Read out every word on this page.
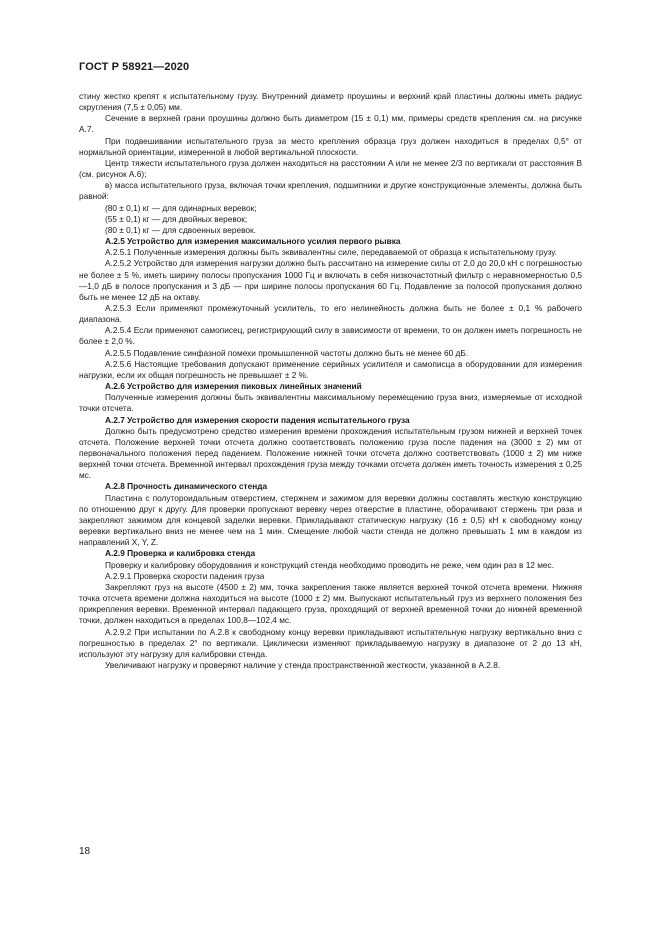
ГОСТ Р 58921—2020

стину жестко крепят к испытательному грузу. Внутренний диаметр проушины и верхний край пластины должны иметь радиус скругления (7,5 ± 0,05) мм.

Сечение в верхней грани проушины должно быть диаметром (15 ± 0,1) мм, примеры средств крепления см. на рисунке А.7.

При подвешивании испытательного груза за место крепления образца груз должен находиться в пределах 0,5° от нормальной ориентации, измеренной в любой вертикальной плоскости.

Центр тяжести испытательного груза должен находиться на расстоянии A или не менее 2/3 по вертикали от расстояния B (см. рисунок А.6);

в) масса испытательного груза, включая точки крепления, подшипники и другие конструкционные элементы, должна быть равной:

(80 ± 0,1) кг — для одинарных веревок;

(55 ± 0,1) кг — для двойных веревок;

(80 ± 0,1) кг — для сдвоенных веревок.

А.2.5 Устройство для измерения максимального усилия первого рывка

А.2.5.1 Полученные измерения должны быть эквивалентны силе, передаваемой от образца к испытательному грузу.

А.2.5.2 Устройство для измерения нагрузки должно быть рассчитано на измерение силы от 2,0 до 20,0 кН с погрешностью не более ± 5 %, иметь ширину полосы пропускания 1000 Гц и включать в себя низкочастотный фильтр с неравномерностью 0,5—1,0 дБ в полосе пропускания и 3 дБ — при ширине полосы пропускания 60 Гц. Подавление за полосой пропускания должно быть не менее 12 дБ на октаву.

А.2.5.3 Если применяют промежуточный усилитель, то его нелинейность должна быть не более ± 0,1 % рабочего диапазона.

А.2.5.4 Если применяют самописец, регистрирующий силу в зависимости от времени, то он должен иметь погрешность не более ± 2,0 %.

А.2.5.5 Подавление синфазной помехи промышленной частоты должно быть не менее 60 дБ.

А.2.5.6 Настоящие требования допускают применение серийных усилителя и самописца в оборудовании для измерения нагрузки, если их общая погрешность не превышает ± 2 %.

А.2.6 Устройство для измерения пиковых линейных значений

Полученные измерения должны быть эквивалентны максимальному перемещению груза вниз, измеряемые от исходной точки отсчета.

А.2.7 Устройство для измерения скорости падения испытательного груза

Должно быть предусмотрено средство измерения времени прохождения испытательным грузом нижней и верхней точек отсчета. Положение верхней точки отсчета должно соответствовать положению груза после падения на (3000 ± 2) мм от первоначального положения перед падением. Положение нижней точки отсчета должно соответствовать (1000 ± 2) мм ниже верхней точки отсчета. Временной интервал прохождения груза между точками отсчета должен иметь точность измерения ± 0,25 мс.

А.2.8 Прочность динамического стенда

Пластина с полутороидальным отверстием, стержнем и зажимом для веревки должны составлять жесткую конструкцию по отношению друг к другу. Для проверки пропускают веревку через отверстие в пластине, оборачивают стержень три раза и закрепляют зажимом для концевой заделки веревки. Прикладывают статическую нагрузку (16 ± 0,5) кН к свободному концу веревки вертикально вниз не менее чем на 1 мин. Смещение любой части стенда не должно превышать 1 мм в каждом из направлений X, Y, Z.

А.2.9 Проверка и калибровка стенда

Проверку и калибровку оборудования и конструкций стенда необходимо проводить не реже, чем один раз в 12 мес.

А.2.9.1 Проверка скорости падения груза

Закрепляют груз на высоте (4500 ± 2) мм, точка закрепления также является верхней точкой отсчета времени. Нижняя точка отсчета времени должна находиться на высоте (1000 ± 2) мм. Выпускают испытательный груз из верхнего положения без прикрепления веревки. Временной интервал падающего груза, проходящий от верхней временной точки до нижней временной точки, должен находиться в пределах 100,8—102,4 мс.

А.2.9.2 При испытании по А.2.8 к свободному концу веревки прикладывают испытательную нагрузку вертикально вниз с погрешностью в пределах 2° по вертикали. Циклически изменяют прикладываемую нагрузку в диапазоне от 2 до 13 кН, используют эту нагрузку для калибровки стенда.

Увеличивают нагрузку и проверяют наличие у стенда пространственной жесткости, указанной в А.2.8.

18
